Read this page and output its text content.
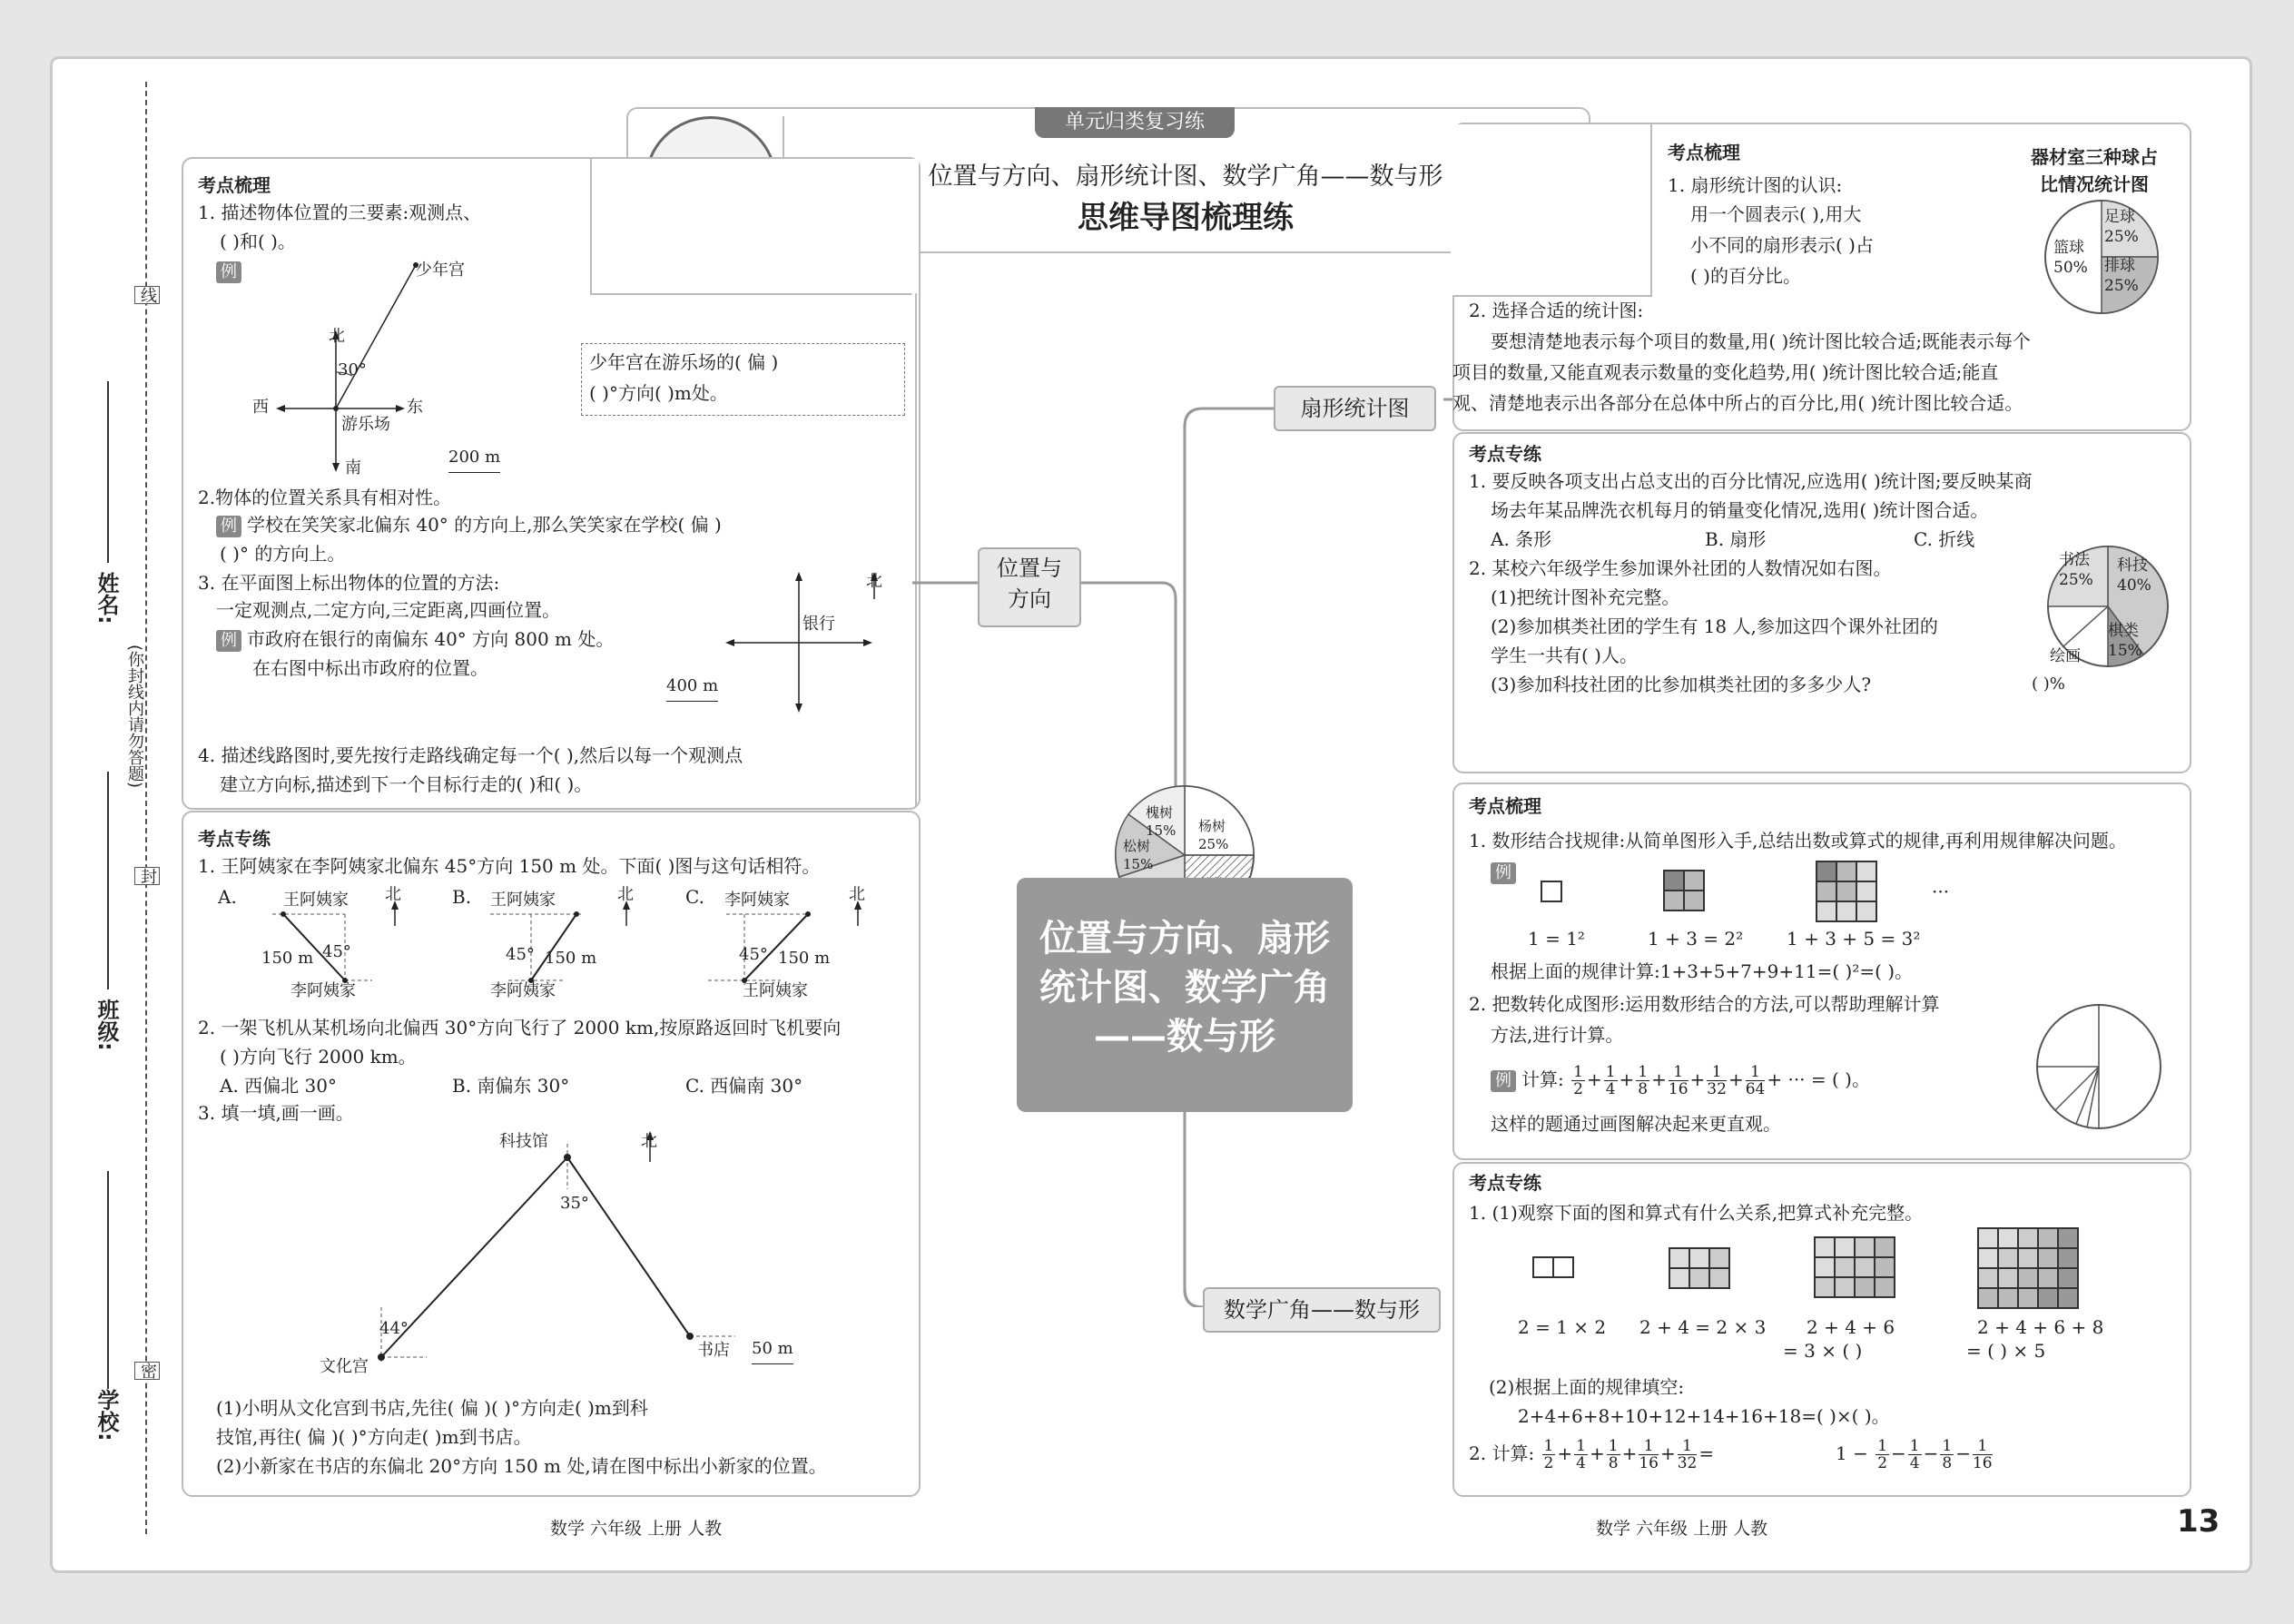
学校:
班级:
姓名:
(你封线内请勿答题)
密
封
线
单元归类复习练
位置与方向、扇形统计图、数学广角——数与形
思维导图梳理练
考点梳理
1. 描述物体位置的三要素:观测点、
( )和( )。
例	少年宫
北
30°
西	东
游乐场
南
200 m
少年宫在游乐场的( 偏 )
( )°方向( )m处。
2.物体的位置关系具有相对性。
例 学校在笑笑家北偏东 40° 的方向上,那么笑笑家在学校( 偏 )
( )° 的方向上。
3. 在平面图上标出物体的位置的方法:
一定观测点,二定方向,三定距离,四画位置。
例 市政府在银行的南偏东 40° 方向 800 m 处。
在右图中标出市政府的位置。
银行
北
400 m
4. 描述线路图时,要先按行走路线确定每一个( ),然后以每一个观测点
建立方向标,描述到下一个目标行走的( )和( )。
考点专练
1. 王阿姨家在李阿姨家北偏东 45°方向 150 m 处。下面( )图与这句话相符。
A.	B.	C.
王阿姨家 北
45°
150 m
李阿姨家
王阿姨家	北
45° 150 m
李阿姨家
李阿姨家	北
45° 150 m
王阿姨家
2. 一架飞机从某机场向北偏西 30°方向飞行了 2000 km,按原路返回时飞机要向
( )方向飞行 2000 km。
A. 西偏北 30°	B. 南偏东 30°	C. 西偏南 30°
3. 填一填,画一画。
科技馆	北
35°
44°
文化宫
书店 50 m
(1)小明从文化宫到书店,先往( 偏 )( )°方向走( )m到科
技馆,再往( 偏 )( )°方向走( )m到书店。
(2)小新家在书店的东偏北 20°方向 150 m 处,请在图中标出小新家的位置。
位置与
方向
扇形统计图
数学广角——数与形
槐树
15% 杨树
25%
松树
15%
位置与方向、扇形统计图、数学广角——数与形
考点梳理
1. 扇形统计图的认识:
用一个圆表示( ),用大
小不同的扇形表示( )占
( )的百分比。
器材室三种球占
比情况统计图
足球
25%
篮球
50% 排球
25%
2. 选择合适的统计图:
要想清楚地表示每个项目的数量,用( )统计图比较合适;既能表示每个
项目的数量,又能直观表示数量的变化趋势,用( )统计图比较合适;能直
观、清楚地表示出各部分在总体中所占的百分比,用( )统计图比较合适。
考点专练
1. 要反映各项支出占总支出的百分比情况,应选用( )统计图;要反映某商
场去年某品牌洗衣机每月的销量变化情况,选用( )统计图合适。
A. 条形	B. 扇形	C. 折线
2. 某校六年级学生参加课外社团的人数情况如右图。
(1)把统计图补充完整。
(2)参加棋类社团的学生有 18 人,参加这四个课外社团的
学生一共有( )人。
(3)参加科技社团的比参加棋类社团的多多少人?
书法
25%
科技
40%
棋类
15%
绘画
( )%
考点梳理
1. 数形结合找规律:从简单图形入手,总结出数或算式的规律,再利用规律解决问题。
例
···
1 = 1²	1 + 3 = 2² 1 + 3 + 5 = 3²
根据上面的规律计算:1+3+5+7+9+11=( )²=( )。
2. 把数转化成图形:运用数形结合的方法,可以帮助理解计算
方法,进行计算。
例 计算: $\frac{1}{2} + \frac{1}{4} + \frac{1}{8} + \frac{1}{16} + \frac{1}{32} + \frac{1}{64}$ + ··· = ( )。
这样的题通过画图解决起来更直观。
考点专练
1. (1)观察下面的图和算式有什么关系,把算式补充完整。
2 = 1 × 2 2 + 4 = 2 × 3 2 + 4 + 6
= 3 × ( )
2 + 4 + 6 + 8
= ( ) × 5
(2)根据上面的规律填空:
2+4+6+8+10+12+14+16+18=( )×( )。
2. 计算: $\frac{1}{2} + \frac{1}{4} + \frac{1}{8} + \frac{1}{16} + \frac{1}{32}$ =	$1 - \frac{1}{2} - \frac{1}{4} - \frac{1}{8} - \frac{1}{16}$
数学 六年级 上册 人教	数学 六年级 上册 人教	13
